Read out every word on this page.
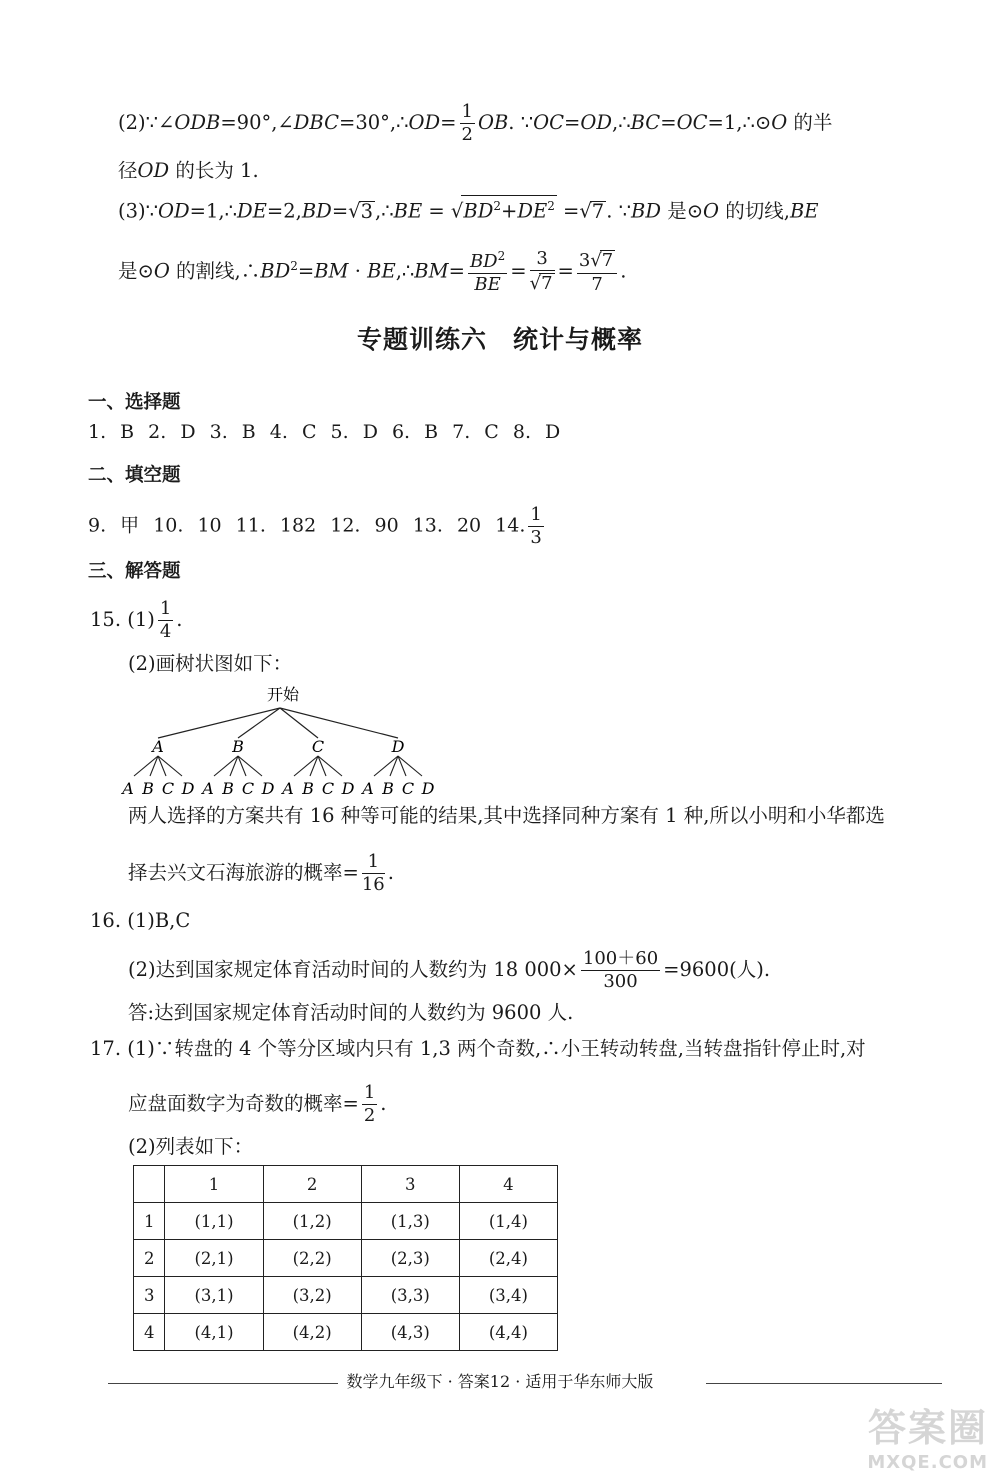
(2)∵∠ODB=90°,∠DBC=30°,∴OD= $\frac{1}{2}$ OB. ∵OC=OD,∴BC=OC=1,∴⊙O 的半
径OD 的长为 1.
(3)∵OD=1,∴DE=2,BD=√3 ,∴BE = $√BD^2+DE^2 =√7$ . ∵BD 是⊙O 的切线,BE
是⊙O 的割线$,\therefore BD^2=BM$ · BE,∴BM= $\frac{BD^2}{BE} = \frac{3}{√7} = \frac{3√7}{7}$ .
专题训练六　统计与概率
一、选择题
1. B 2. D 3. B 4. C 5. D 6. B 7. C 8. D
二、填空题
9. 甲 10. 10 11. 182 12. 90 13. 20 14. $\frac{1}{3}$
三、解答题
15. $(1) \frac{1}{4}$ .
(2)画树状图如下：
开始
A	B	C	D
A B C D A B C D A B C D A B C D
两人选择的方案共有 16 种等可能的结果,其中选择同种方案有 1 种,所以小明和小华都选
择去兴文石海旅游的概率= $\frac{1}{16}$ .
16. (1)B,C
(2)达到国家规定体育活动时间的人数约为 18 $000\times \frac{100+60}{300} =9600$(人).
答:达到国家规定体育活动时间的人数约为 9600 人.
17. (1)∵转盘的 4 个等分区域内只有 1,3 两个奇数,∴小王转动转盘,当转盘指针停止时,对
应盘面数字为奇数的概率= $\frac{1}{2}$ .
(2)列表如下：
	1	2	3	4
1	(1,1)	(1,2)	(1,3)	(1,4)
2	(2,1)	(2,2)	(2,3)	(2,4)
3	(3,1)	(3,2)	(3,3)	(3,4)
4	(4,1)	(4,2)	(4,3)	(4,4)
数学九年级下 · 答案12 · 适用于华东师大版
答案圈
MXQE.COM
